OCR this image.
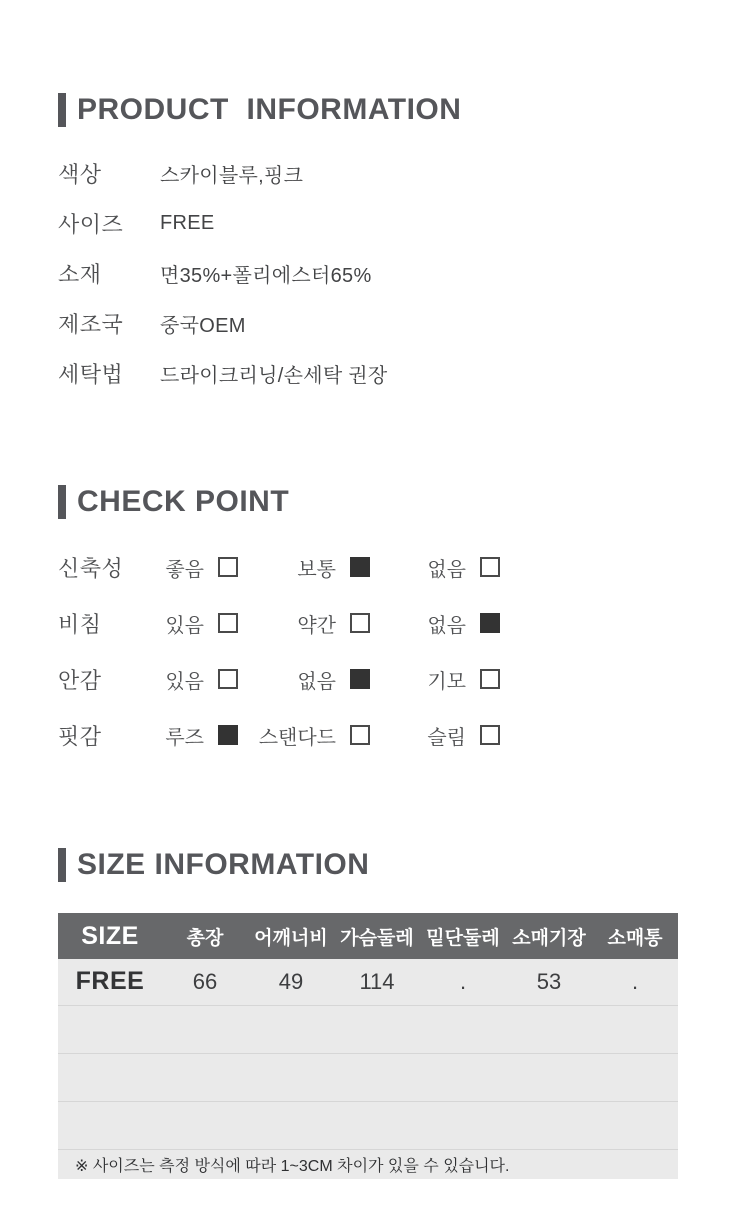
PRODUCT  INFORMATION
색상	스카이블루,핑크
사이즈	FREE
소재	면35%+폴리에스터65%
제조국	중국OEM
세탁법	드라이크리닝/손세탁 권장
CHECK POINT
신축성	좋음	보통	없음
비침	있음	약간	없음
안감	있음	없음	기모
핏감	루즈	스탠다드	슬림
SIZE INFORMATION
SIZE	총장	어깨너비	가슴둘레	밑단둘레	소매기장	소매통
FREE	66	49	114	.	53	.

※ 사이즈는 측정 방식에 따라 1~3CM 차이가 있을 수 있습니다.						
